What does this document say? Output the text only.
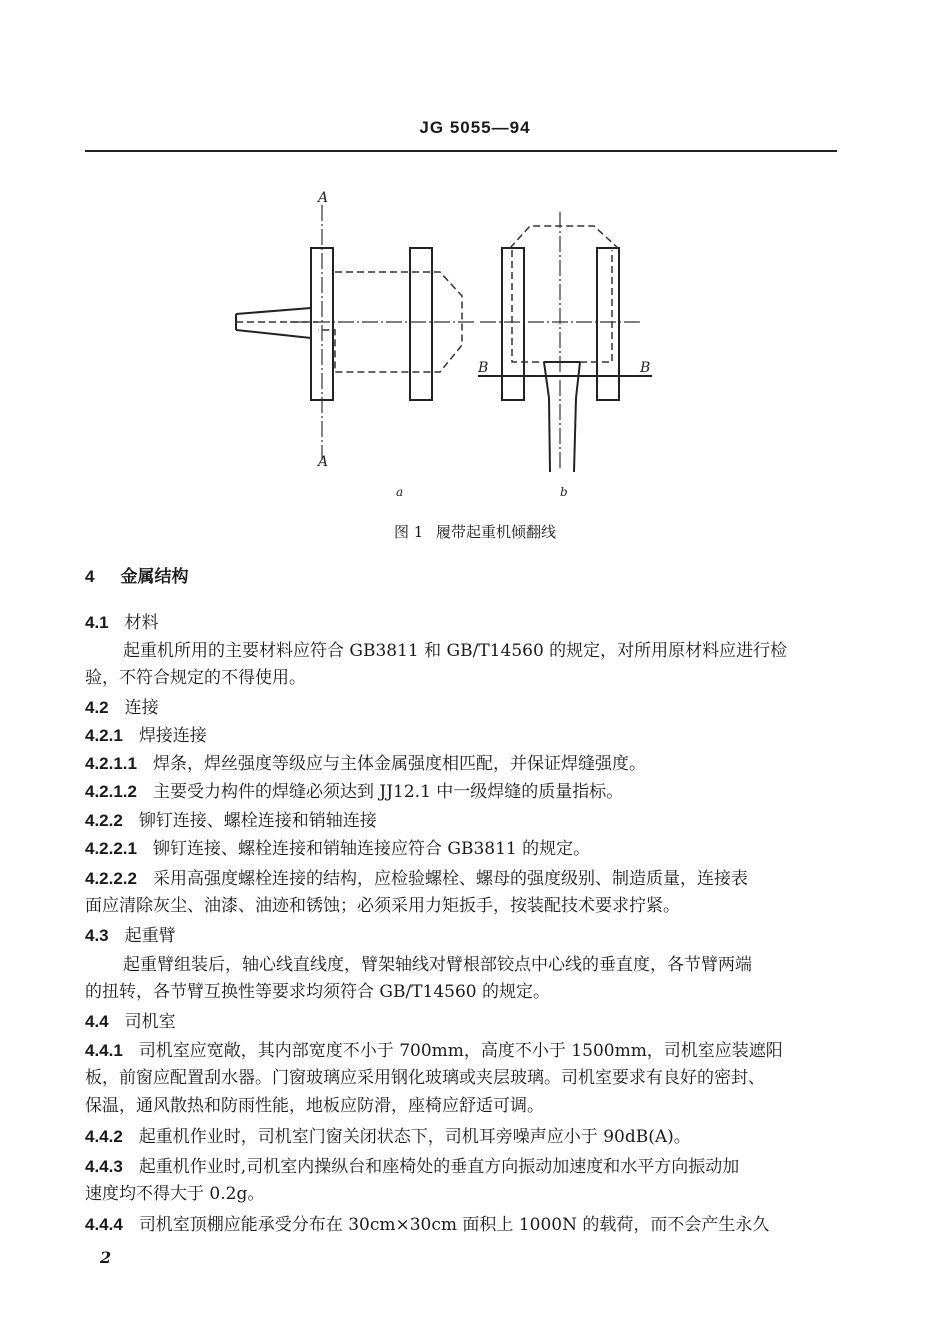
JG 5055—94
A
A
B	B
a	b
图 1 履带起重机倾翻线
4 金属结构
4.1 材料
起重机所用的主要材料应符合 GB3811 和 GB/T14560 的规定，对所用原材料应进行检
验，不符合规定的不得使用。
4.2 连接
4.2.1 焊接连接
4.2.1.1 焊条，焊丝强度等级应与主体金属强度相匹配，并保证焊缝强度。
4.2.1.2 主要受力构件的焊缝必须达到 JJ12.1 中一级焊缝的质量指标。
4.2.2 铆钉连接、螺栓连接和销轴连接
4.2.2.1 铆钉连接、螺栓连接和销轴连接应符合 GB3811 的规定。
4.2.2.2 采用高强度螺栓连接的结构，应检验螺栓、螺母的强度级别、制造质量，连接表
面应清除灰尘、油漆、油迹和锈蚀；必须采用力矩扳手，按装配技术要求拧紧。
4.3 起重臂
起重臂组装后，轴心线直线度，臂架轴线对臂根部铰点中心线的垂直度，各节臂两端
的扭转，各节臂互换性等要求均须符合 GB/T14560 的规定。
4.4 司机室
4.4.1 司机室应宽敞，其内部宽度不小于 700mm，高度不小于 1500mm，司机室应装遮阳
板，前窗应配置刮水器。门窗玻璃应采用钢化玻璃或夹层玻璃。司机室要求有良好的密封、
保温，通风散热和防雨性能，地板应防滑，座椅应舒适可调。
4.4.2 起重机作业时，司机室门窗关闭状态下，司机耳旁噪声应小于 90dB(A)。
4.4.3 起重机作业时,司机室内操纵台和座椅处的垂直方向振动加速度和水平方向振动加
速度均不得大于 0.2g。
4.4.4 司机室顶棚应能承受分布在 30cm×30cm 面积上 1000N 的载荷，而不会产生永久
2
